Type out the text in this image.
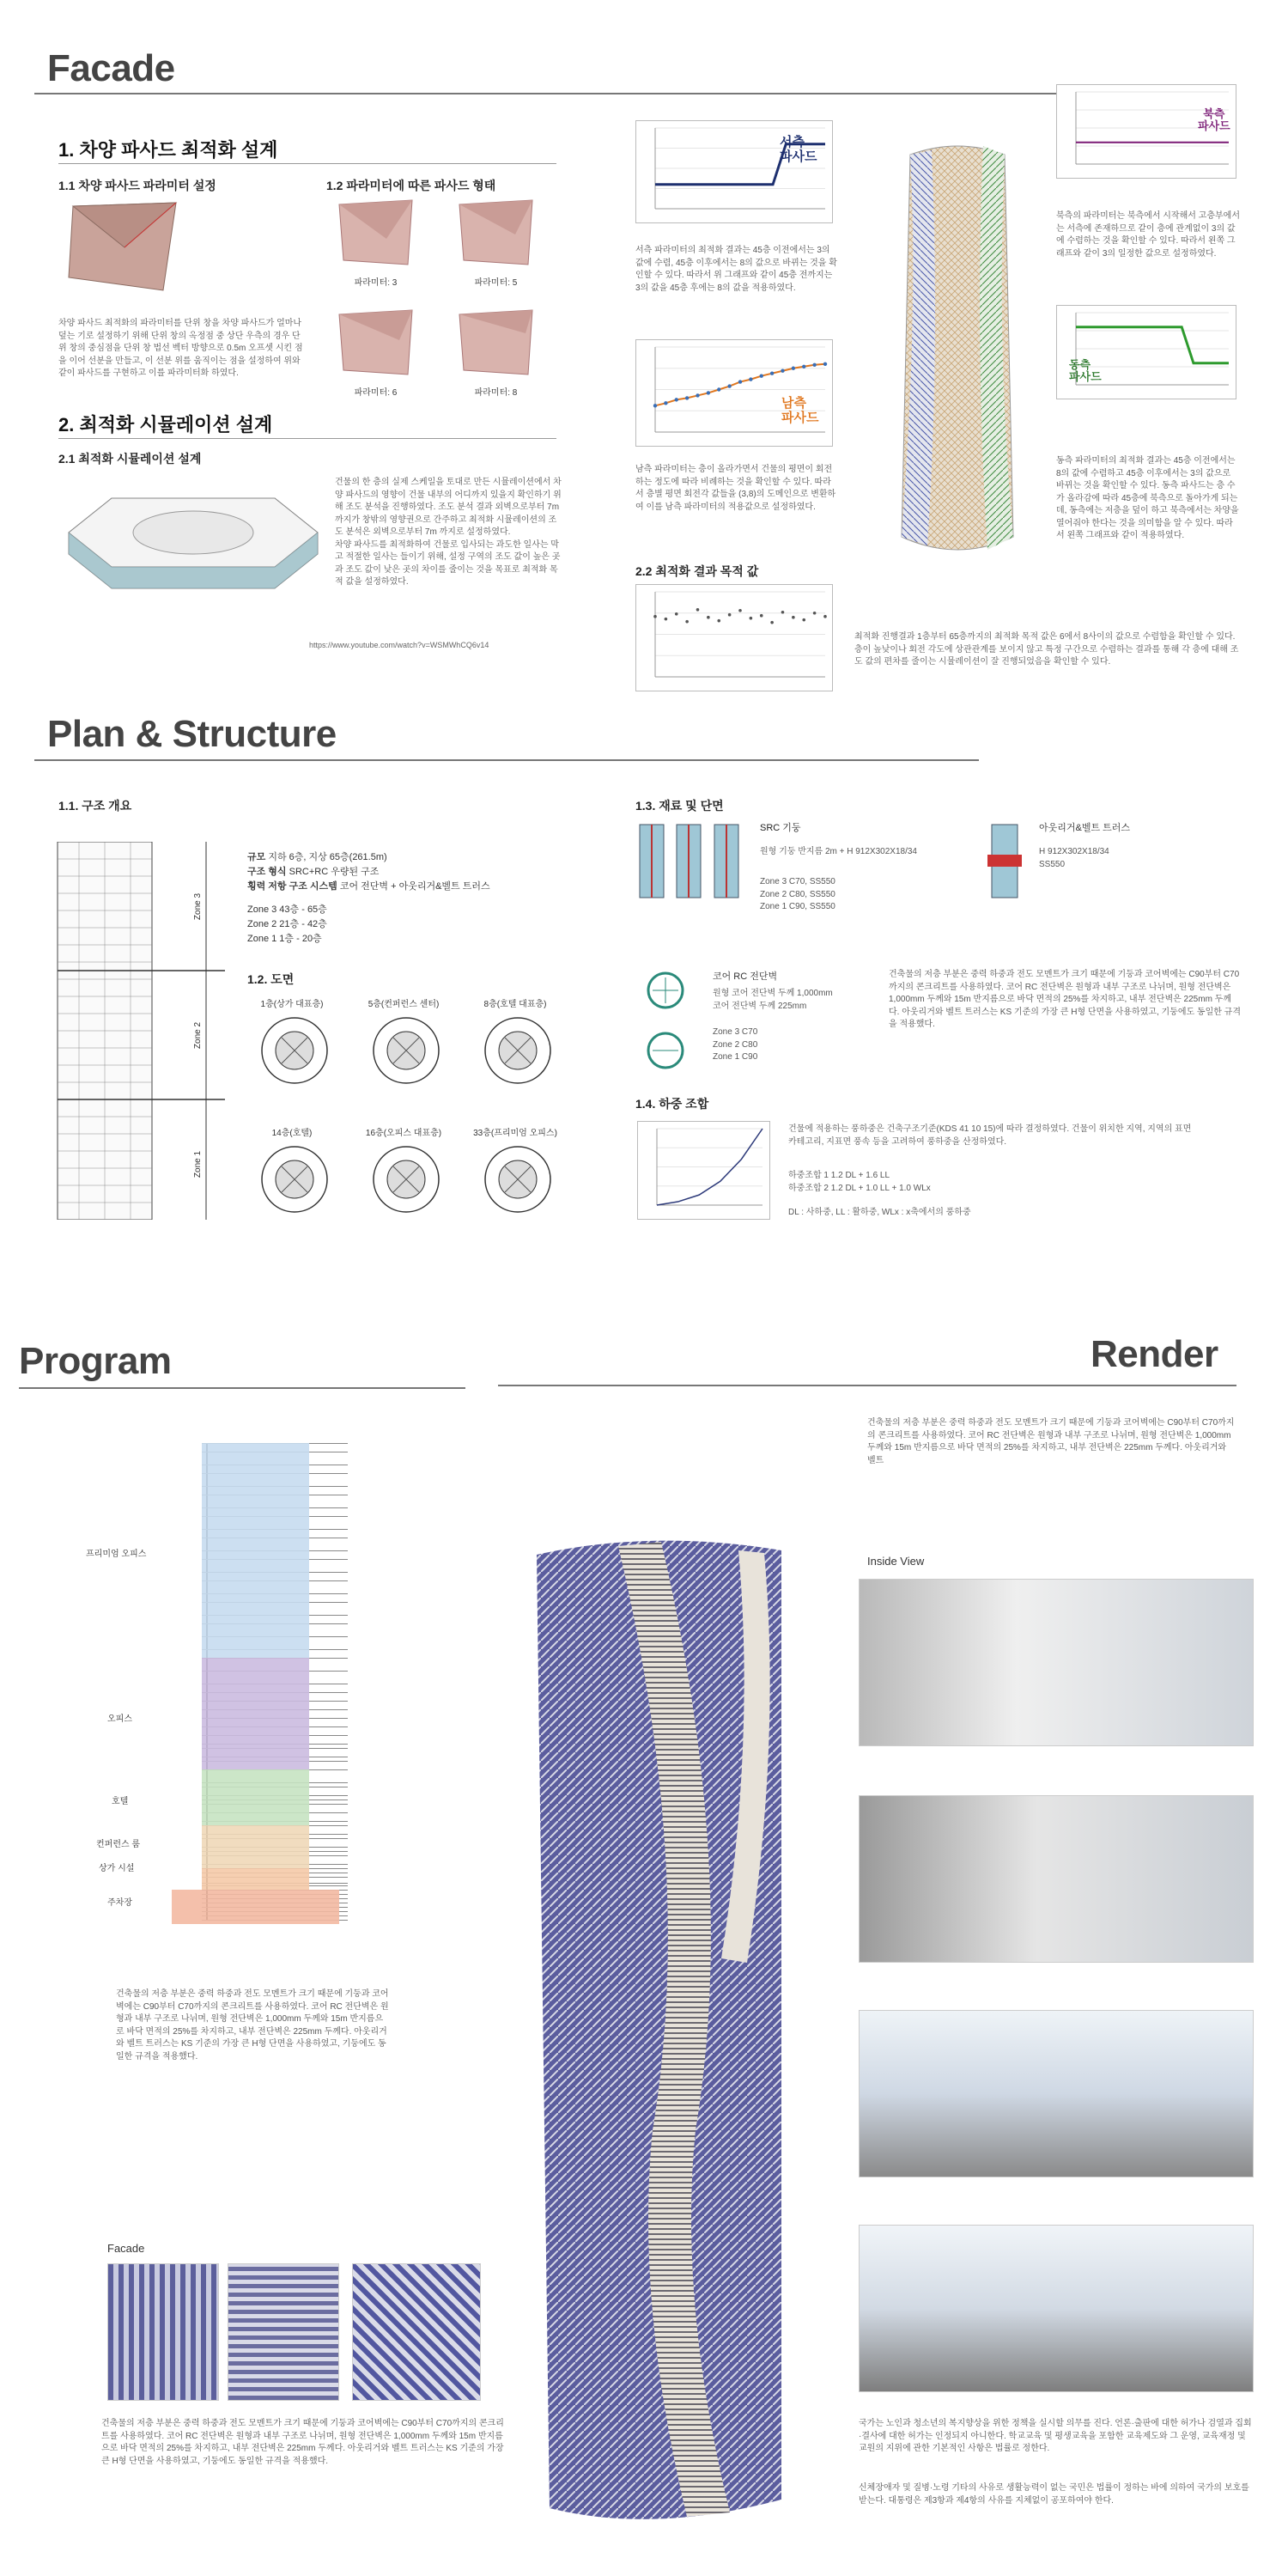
Facade
1. 차양 파사드 최적화 설계
1.1 차양 파사드 파라미터 설정	1.2 파라미터에 따른 파사드 형태
파라미터: 3	파라미터: 5
파라미터: 6	파라미터: 8
차양 파사드 최적화의 파라미터를 단위 창을 차양 파사드가 얼마나 덮는 기로 설정하기 위해 단위 창의 옥정점 중 상단 우측의 경우 단위 창의 중심점을 단위 창 법선 벡터 방향으로 0.5m 오프셋 시킨 점을 이어 선분을 만들고, 이 선분 위를 움직이는 점을 설정하여 위와 같이 파사드를 구현하고 이를 파라미터화 하였다.
2. 최적화 시뮬레이션 설계
2.1 최적화 시뮬레이션 설계
건물의 한 층의 실제 스케일을 토대로 만든 시뮬레이션에서 차양 파사드의 영향이 건물 내부의 어디까지 있을지 확인하기 위해 조도 분석을 진행하였다. 조도 분석 결과 외벽으로부터 7m까지가 창밖의 영향권으로 간주하고 최적화 시뮬레이션의 조도 분석은 외벽으로부터 7m 까지로 설정하였다.
차양 파사드를 최적화하여 건물로 입사되는 과도한 일사는 막고 적절한 일사는 들이기 위해, 설정 구역의 조도 값이 높은 곳과 조도 값이 낮은 곳의 차이를 줄이는 것을 목표로 최적화 목적 값을 설정하였다.
https://www.youtube.com/watch?v=WSMWhCQ6v14
서측
파사드
서측 파라미터의 최적화 결과는 45층 이전에서는 3의 값에 수렴, 45층 이후에서는 8의 값으로 바뀌는 것을 확인할 수 있다. 따라서 위 그래프와 같이 45층 전까지는 3의 값을 45층 후에는 8의 값을 적용하였다.
남측
파사드
남측 파라미터는 층이 올라가면서 건물의 평면이 회전하는 정도에 따라 비례하는 것을 확인할 수 있다. 따라서 층별 평면 회전각 값들을 (3,8)의 도메인으로 변환하여 이를 남측 파라미터의 적용값으로 설정하였다.
2.2 최적화 결과 목적 값
북측
파사드
북측의 파라미터는 북측에서 시작해서 고층부에서는 서측에 존재하므로 같이 층에 관계없이 3의 값에 수렴하는 것을 확인할 수 있다. 따라서 왼쪽 그래프와 같이 3의 일정한 값으로 설정하였다.
동측
파사드
동측 파라미터의 최적화 결과는 45층 이전에서는 8의 값에 수렴하고 45층 이후에서는 3의 값으로 바뀌는 것을 확인할 수 있다. 동측 파사드는 층 수가 올라감에 따라 45층에 북측으로 돌아가게 되는데, 동측에는 저층을 덮이 하고 북측에서는 차양을 열어줘야 한다는 것을 의미함을 알 수 있다. 따라서 왼쪽 그래프와 같이 적용하였다.
최적화 진행결과 1층부터 65층까지의 최적화 목적 값은 6에서 8사이의 값으로 수렴함을 확인할 수 있다. 층이 높낮이나 회전 각도에 상관관계를 보이지 않고 특정 구간으로 수렴하는 결과를 통해 각 층에 대해 조도 값의 편차를 줄이는 시뮬레이션이 잘 진행되었음을 확인할 수 있다.
Plan & Structure
1.1. 구조 개요
Zone 3
Zone 2
Zone 1
규모 지하 6층, 지상 65층(261.5m)
구조 형식 SRC+RC 우량된 구조
횡력 저항 구조 시스템 코어 전단벽 + 아웃리거&벨트 트러스
Zone 3 43층 - 65층
Zone 2 21층 - 42층
Zone 1 1층 - 20층
1.2. 도면
1층(상가 대표층)	5층(컨퍼런스 센터)	8층(호텔 대표층)
14층(호텔)	16층(오피스 대표층)	33층(프리미엄 오피스)
1.3. 재료 및 단면
SRC 기둥
원형 기둥 반지름 2m + H 912X302X18/34
Zone 3 C70, SS550
Zone 2 C80, SS550
Zone 1 C90, SS550
아웃리거&벨트 트러스
H 912X302X18/34
SS550
코어 RC 전단벽
원형 코어 전단벽 두께 1,000mm
코어 전단벽 두께 225mm
Zone 3 C70
Zone 2 C80
Zone 1 C90
건축물의 저층 부분은 중력 하중과 전도 모멘트가 크기 때문에 기둥과 코어벽에는 C90부터 C70까지의 콘크리트를 사용하였다. 코어 RC 전단벽은 원형과 내부 구조로 나뉘며, 원형 전단벽은 1,000mm 두께와 15m 반지름으로 바닥 면적의 25%를 차지하고, 내부 전단벽은 225mm 두께다. 아웃리거와 벨트 트러스는 KS 기준의 가장 큰 H형 단면을 사용하였고, 기둥에도 동일한 규격을 적용했다.
1.4. 하중 조합
건물에 적용하는 풍하중은 건축구조기준(KDS 41 10 15)에 따라 결정하였다. 건물이 위치한 지역, 지역의 표면 카테고리, 지표면 풍속 등을 고려하여 풍하중을 산정하였다.
하중조합 1 1.2 DL + 1.6 LL
하중조합 2 1.2 DL + 1.0 LL + 1.0 WLx
DL : 사하중, LL : 활하중, WLx : x축에서의 풍하중
Program	Render
프리미엄 오피스
오피스
호텔
컨퍼런스 룸
상가 시설
주차장
건축물의 저층 부분은 중력 하중과 전도 모멘트가 크기 때문에 기둥과 코어벽에는 C90부터 C70까지의 콘크리트를 사용하였다. 코어 RC 전단벽은 원형과 내부 구조로 나뉘며, 원형 전단벽은 1,000mm 두께와 15m 반지름으로 바닥 면적의 25%를 차지하고, 내부 전단벽은 225mm 두께다. 아웃리거와 벨트 트러스는 KS 기준의 가장 큰 H형 단면을 사용하였고, 기둥에도 동일한 규격을 적용했다.
Facade
건축물의 저층 부분은 중력 하중과 전도 모멘트가 크기 때문에 기둥과 코어벽에는 C90부터 C70까지의 콘크리트를 사용하였다. 코어 RC 전단벽은 원형과 내부 구조로 나뉘며, 원형 전단벽은 1,000mm 두께와 15m 반지름으로 바닥 면적의 25%를 차지하고, 내부 전단벽은 225mm 두께다. 아웃리거와 벨트 트러스는 KS 기준의 가장 큰 H형 단면을 사용하였고, 기둥에도 동일한 규격을 적용했다.
건축물의 저층 부분은 중력 하중과 전도 모멘트가 크기 때문에 기둥과 코어벽에는 C90부터 C70까지의 콘크리트를 사용하였다. 코어 RC 전단벽은 원형과 내부 구조로 나뉘며, 원형 전단벽은 1,000mm 두께와 15m 반지름으로 바닥 면적의 25%를 차지하고, 내부 전단벽은 225mm 두께다. 아웃리거와 벨트
Inside View
국가는 노인과 청소년의 복지향상을 위한 정책을 실시할 의무를 진다. 언론·출판에 대한 허가나 검열과 집회·결사에 대한 허가는 인정되지 아니한다. 학교교육 및 평생교육을 포함한 교육제도와 그 운영, 교육재정 및 교원의 지위에 관한 기본적인 사항은 법률로 정한다.
신체장애자 및 질병·노령 기타의 사유로 생활능력이 없는 국민은 법률이 정하는 바에 의하여 국가의 보호를 받는다. 대통령은 제3항과 제4항의 사유를 지체없이 공포하여야 한다.
